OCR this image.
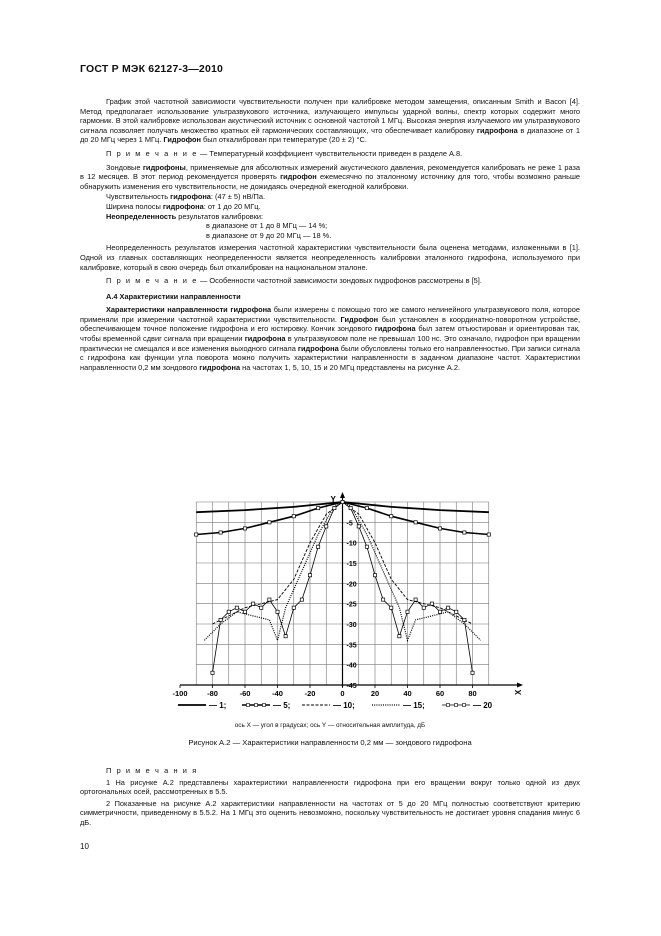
ГОСТ Р МЭК 62127-3—2010

График этой частотной зависимости чувствительности получен при калибровке методом замещения, описанным Smith и Bacon [4]. Метод предполагает использование ультразвукового источника, излучающего импульсы ударной волны, спектр которых содержит много гармоник. В этой калибровке использован акустический источник с основной частотой 1 МГц. Высокая энергия излучаемого им ультразвукового сигнала позволяет получать множество кратных ей гармонических составляющих, что обеспечивает калибровку гидрофона в диапазоне от 1 до 20 МГц через 1 МГц. Гидрофон был откалиброван при температуре (20 ± 2) °С.

П р и м е ч а н и е — Температурный коэффициент чувствительности приведен в разделе А.8.

Зондовые гидрофоны, применяемые для абсолютных измерений акустического давления, рекомендуется калибровать не реже 1 раза в 12 месяцев. В этот период рекомендуется проверять гидрофон ежемесячно по эталонному источнику для того, чтобы возможно раньше обнаружить изменения его чувствительности, не дожидаясь очередной ежегодной калибровки.

Чувствительность гидрофона: (47 ± 5) нВ/Па.

Ширина полосы гидрофона: от 1 до 20 МГц.

Неопределенность результатов калибровки:

в диапазоне от 1 до 8 МГц — 14 %;

в диапазоне от 9 до 20 МГц — 18 %.

Неопределенность результатов измерения частотной характеристики чувствительности была оценена методами, изложенными в [1]. Одной из главных составляющих неопределенности является неопределенность калибровки эталонного гидрофона, используемого при калибровке, который в свою очередь был откалиброван на национальном эталоне.

П р и м е ч а н и е — Особенности частотной зависимости зондовых гидрофонов рассмотрены в [5].

А.4 Характеристики направленности

Характеристики направленности гидрофона были измерены с помощью того же самого нелинейного ультразвукового поля, которое применяли при измерении частотной характеристики чувствительности. Гидрофон был установлен в координатно-поворотном устройстве, обеспечивающем точное положение гидрофона и его юстировку. Кончик зондового гидрофона был затем отъюстирован и ориентирован так, чтобы временной сдвиг сигнала при вращении гидрофона в ультразвуковом поле не превышал 100 нс. Это означало, гидрофон при вращении практически не смещался и все изменения выходного сигнала гидрофона были обусловлены только его направленностью. При записи сигнала с гидрофона как функции угла поворота можно получить характеристики направленности в заданном диапазоне частот. Характеристики направленности 0,2 мм зондового гидрофона на частотах 1, 5, 10, 15 и 20 МГц представлены на рисунке А.2.

-100	-80	-60	-40	-20	0	20	40	60	80
-5
-10
-15
-20
-25
-30
-35
-40
-45
Y
X
— 1;	— 5;	— 10;	— 15;	— 20
ось X — угол в градусах; ось Y — относительная амплитуда, дБ
Рисунок А.2 — Характеристики направленности 0,2 мм — зондового гидрофона

П р и м е ч а н и я

1 На рисунке А.2 представлены характеристики направленности гидрофона при его вращении вокруг только одной из двух ортогональных осей, рассмотренных в 5.5.

2 Показанные на рисунке А.2 характеристики направленности на частотах от 5 до 20 МГц полностью соответствуют критерию симметричности, приведенному в 5.5.2. На 1 МГц это оценить невозможно, поскольку чувствительность не достигает уровня спадания минус 6 дБ.

10
